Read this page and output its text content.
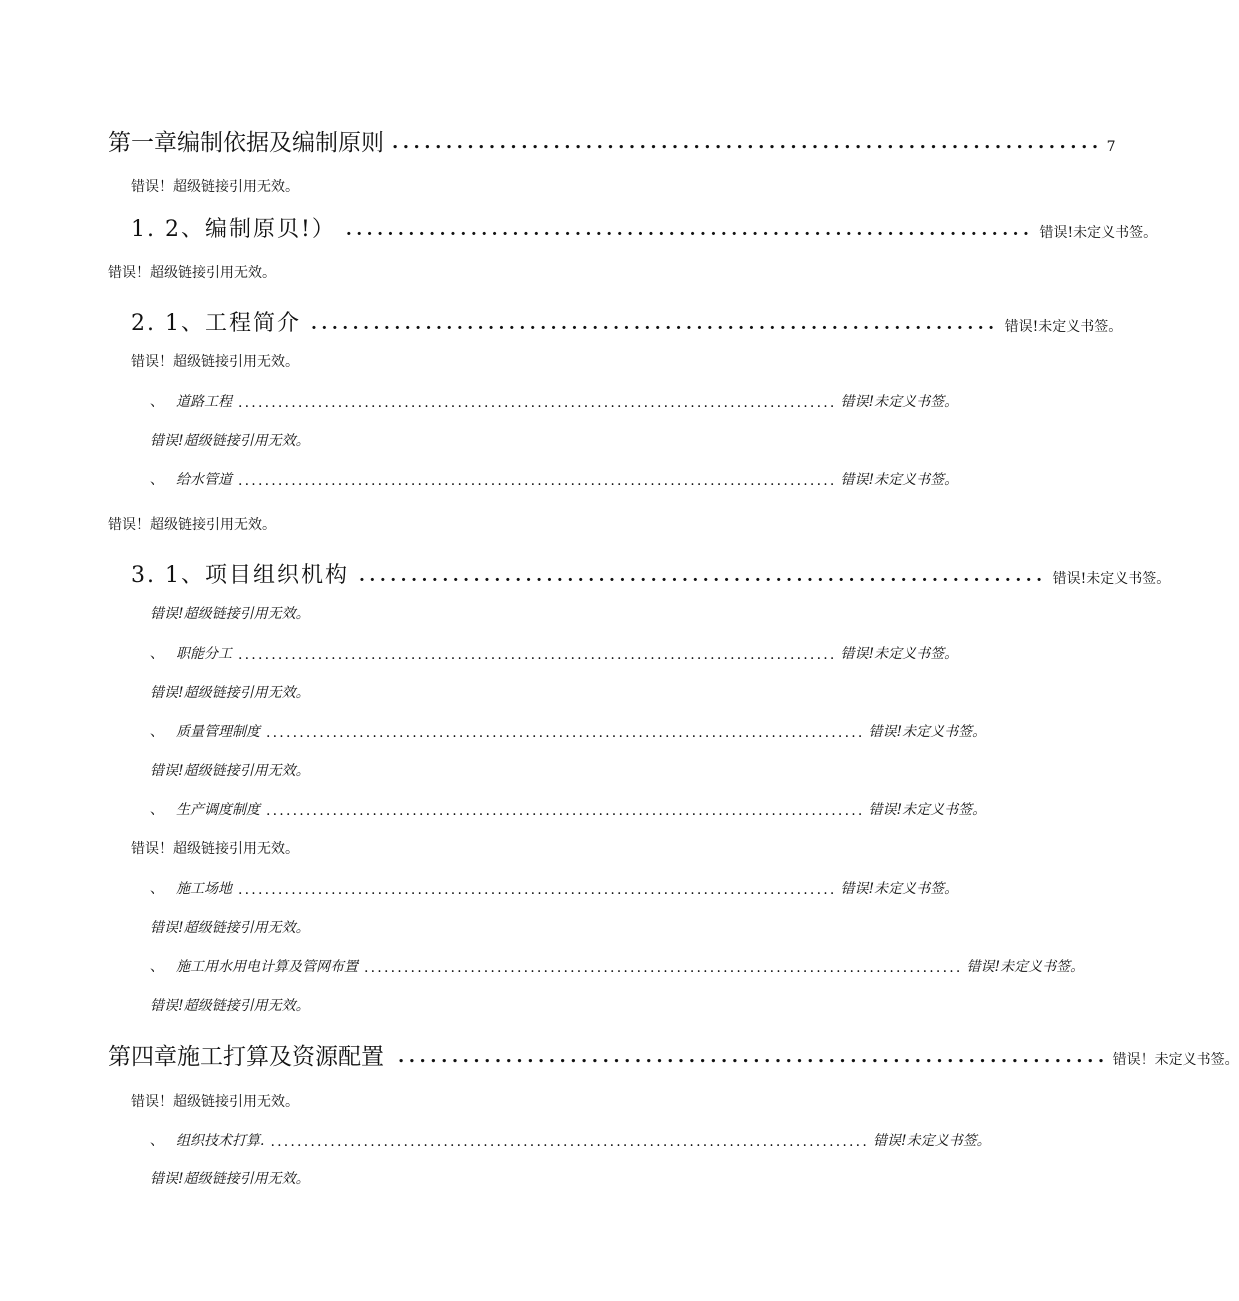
第一章编制依据及编制原则 .................................................................. 7
错误！超级链接引用无效。
1. 2、编制原贝!） .................................................................. 错误!未定义书签。
错误！超级链接引用无效。
2. 1、工程简介 .................................................................. 错误!未定义书签。
错误！超级链接引用无效。
、 道路工程 .......................................................................................... 错误!未定义书签。
错误!超级链接引用无效。
、 给水管道 .......................................................................................... 错误!未定义书签。
错误！超级链接引用无效。
3. 1、项目组织机构 .................................................................. 错误!未定义书签。
错误!超级链接引用无效。
、 职能分工 .......................................................................................... 错误!未定义书签。
错误!超级链接引用无效。
、 质量管理制度 .......................................................................................... 错误!未定义书签。
错误!超级链接引用无效。
、 生产调度制度 .......................................................................................... 错误!未定义书签。
错误！超级链接引用无效。
、 施工场地 .......................................................................................... 错误!未定义书签。
错误!超级链接引用无效。
、 施工用水用电计算及管网布置 .......................................................................................... 错误!未定义书签。
错误!超级链接引用无效。
第四章施工打算及资源配置 .................................................................. 错误！未定义书签。
错误！超级链接引用无效。
、 组织技术打算. .......................................................................................... 错误!未定义书签。
错误!超级链接引用无效。
